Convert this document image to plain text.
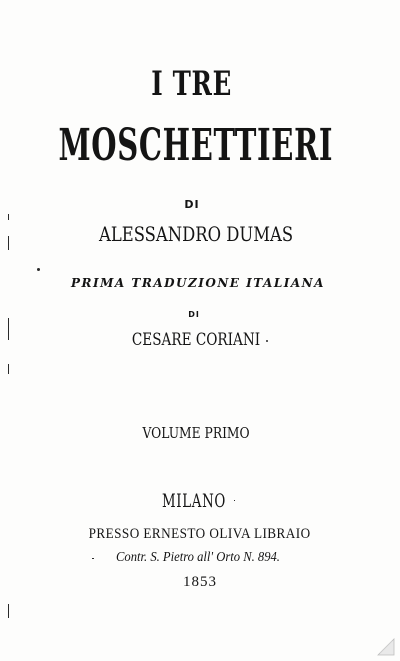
I TRE
MOSCHETTIERI
DI
ALESSANDRO DUMAS
PRIMA TRADUZIONE ITALIANA
DI
CESARE CORIANI
VOLUME PRIMO
MILANO
PRESSO ERNESTO OLIVA LIBRAIO
Contr. S. Pietro all' Orto N. 894.
1853
